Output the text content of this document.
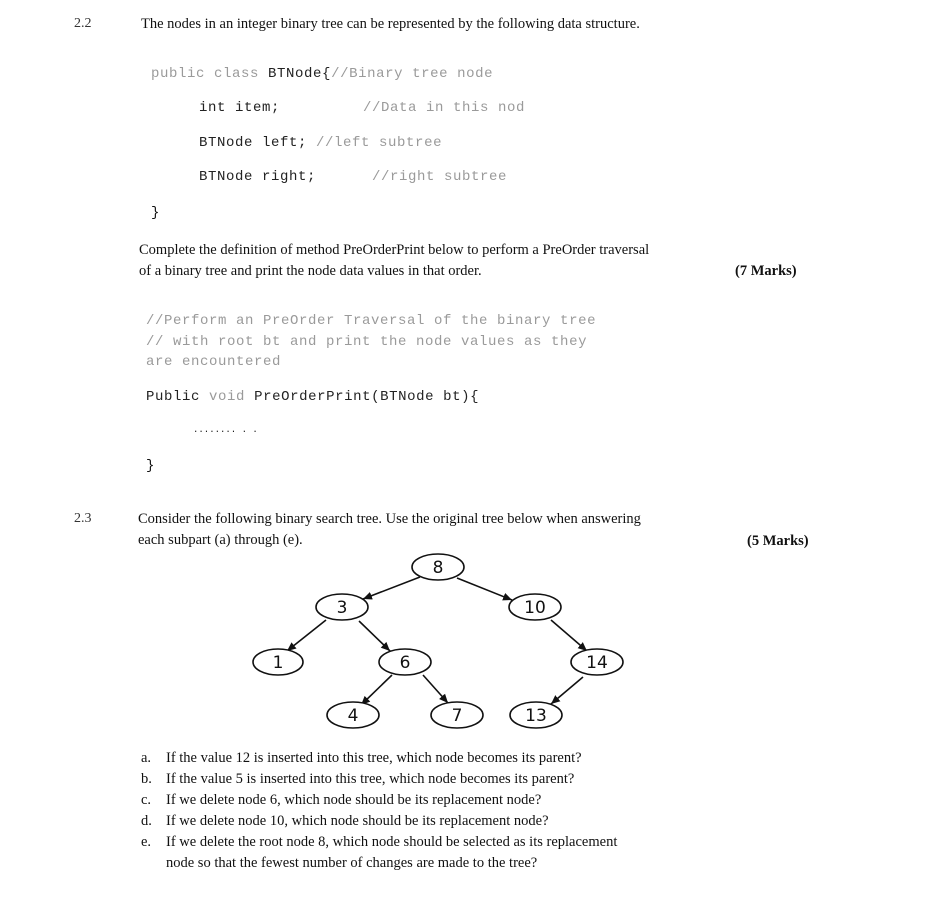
2.2	The nodes in an integer binary tree can be represented by the following data structure.
public class BTNode{//Binary tree node
int item;	//Data in this nod
BTNode left; //left subtree
BTNode right;	//right subtree
}
Complete the definition of method PreOrderPrint below to perform a PreOrder traversal
of a binary tree and print the node data values in that order.	(7 Marks)
//Perform an PreOrder Traversal of the binary tree
// with root bt and print the node values as they
are encountered
Public void PreOrderPrint(BTNode bt){
........ . .
}
2.3	Consider the following binary search tree. Use the original tree below when answering
each subpart (a) through (e).	(5 Marks)
8
3	10
1	6	14
4	7	13
a. If the value 12 is inserted into this tree, which node becomes its parent?
b. If the value 5 is inserted into this tree, which node becomes its parent?
c. If we delete node 6, which node should be its replacement node?
d. If we delete node 10, which node should be its replacement node?
e. If we delete the root node 8, which node should be selected as its replacement
node so that the fewest number of changes are made to the tree?
